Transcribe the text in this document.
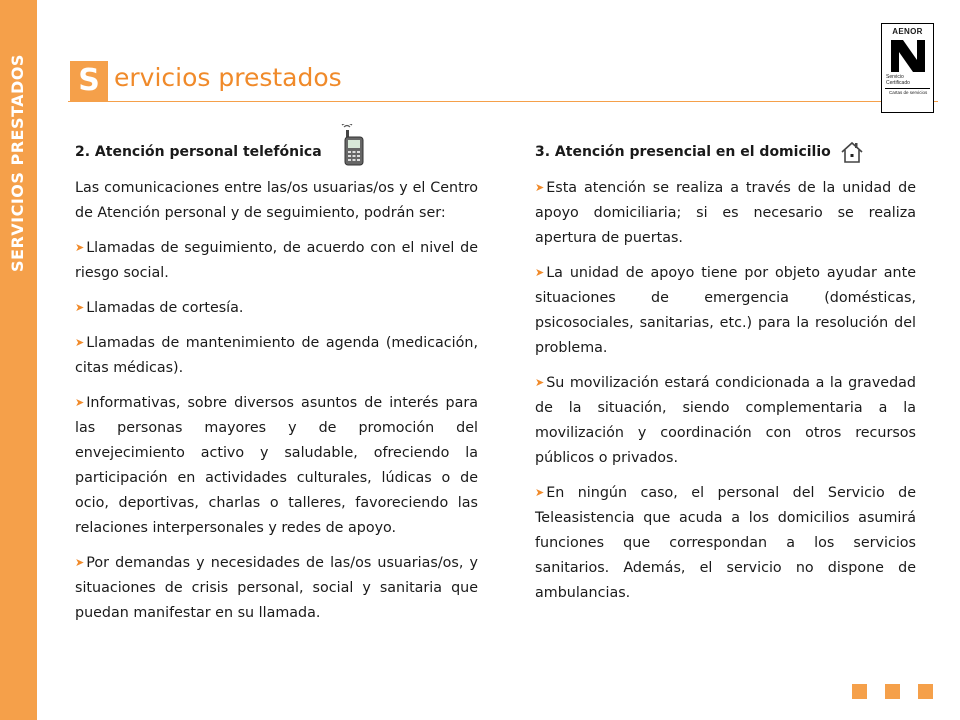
SERVICIOS PRESTADOS S ervicios prestados
AENOR
Servicio
Certificado
Cartas de servicios
2. Atención personal telefónica

Las comunicaciones entre las/os usuarias/os y el Centro de Atención personal y de seguimiento, podrán ser:

➤ Llamadas de seguimiento, de acuerdo con el nivel de riesgo social.

➤ Llamadas de cortesía.

➤ Llamadas de mantenimiento de agenda (medicación, citas médicas).

➤ Informativas, sobre diversos asuntos de interés para las personas mayores y de promoción del envejecimiento activo y saludable, ofreciendo la participación en actividades culturales, lúdicas o de ocio, deportivas, charlas o talleres, favoreciendo las relaciones interpersonales y redes de apoyo.

➤ Por demandas y necesidades de las/os usuarias/os, y situaciones de crisis personal, social y sanitaria que puedan manifestar en su llamada.

3. Atención presencial en el domicilio

➤ Esta atención se realiza a través de la unidad de apoyo domiciliaria; si es necesario se realiza apertura de puertas.

➤ La unidad de apoyo tiene por objeto ayudar ante situaciones de emergencia (domésticas, psicosociales, sanitarias, etc.) para la resolución del problema.

➤ Su movilización estará condicionada a la gravedad de la situación, siendo complementaria a la movilización y coordinación con otros recursos públicos o privados.

➤ En ningún caso, el personal del Servicio de Teleasistencia que acuda a los domicilios asumirá funciones que correspondan a los servicios sanitarios. Además, el servicio no dispone de ambulancias.
